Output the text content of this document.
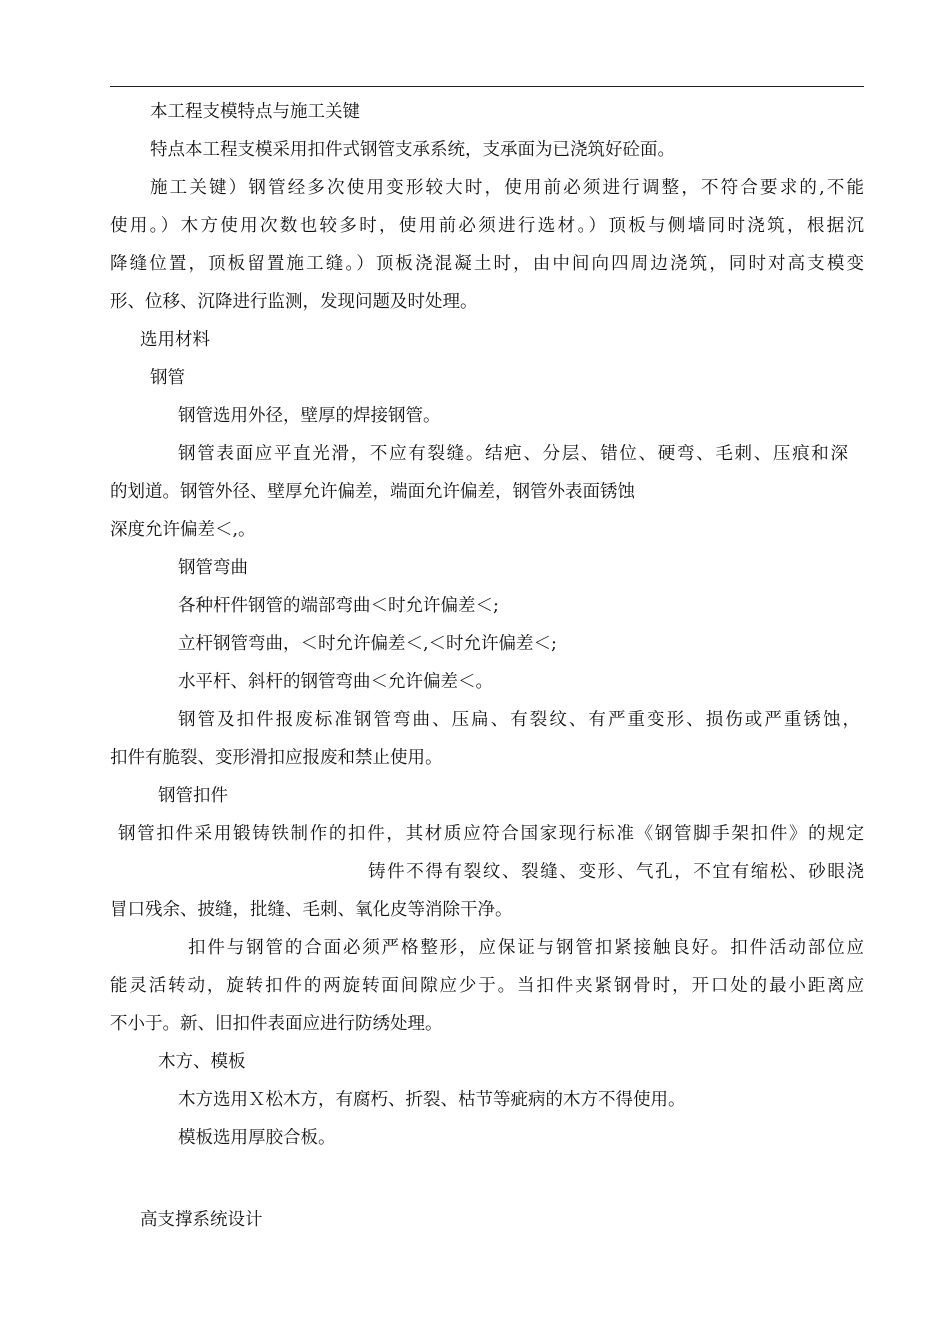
本工程支模特点与施工关键
特点本工程支模采用扣件式钢管支承系统，支承面为已浇筑好砼面。
施工关键）钢管经多次使用变形较大时，使用前必须进行调整，不符合要求的,不能
使用。）木方使用次数也较多时，使用前必须进行选材。）顶板与侧墙同时浇筑，根据沉
降缝位置，顶板留置施工缝。）顶板浇混凝土时，由中间向四周边浇筑，同时对高支模变
形、位移、沉降进行监测，发现问题及时处理。
选用材料
钢管
钢管选用外径，壁厚的焊接钢管。
钢管表面应平直光滑，不应有裂缝。结疤、分层、错位、硬弯、毛刺、压痕和深
的划道。钢管外径、壁厚允许偏差，端面允许偏差，钢管外表面锈蚀
深度允许偏差＜,。
钢管弯曲
各种杆件钢管的端部弯曲＜时允许偏差＜;
立杆钢管弯曲，＜时允许偏差＜,＜时允许偏差＜;
水平杆、斜杆的钢管弯曲＜允许偏差＜。
钢管及扣件报废标准钢管弯曲、压扁、有裂纹、有严重变形、损伤或严重锈蚀，
扣件有脆裂、变形滑扣应报废和禁止使用。
钢管扣件
钢管扣件采用锻铸铁制作的扣件，其材质应符合国家现行标准《钢管脚手架扣件》的规定
铸件不得有裂纹、裂缝、变形、气孔，不宜有缩松、砂眼浇
冒口残余、披缝，批缝、毛刺、氧化皮等消除干净。
扣件与钢管的合面必须严格整形，应保证与钢管扣紧接触良好。扣件活动部位应
能灵活转动，旋转扣件的两旋转面间隙应少于。当扣件夹紧钢骨时，开口处的最小距离应
不小于。新、旧扣件表面应进行防绣处理。
木方、模板
木方选用Ｘ松木方，有腐朽、折裂、枯节等疵病的木方不得使用。
模板选用厚胶合板。
高支撑系统设计
